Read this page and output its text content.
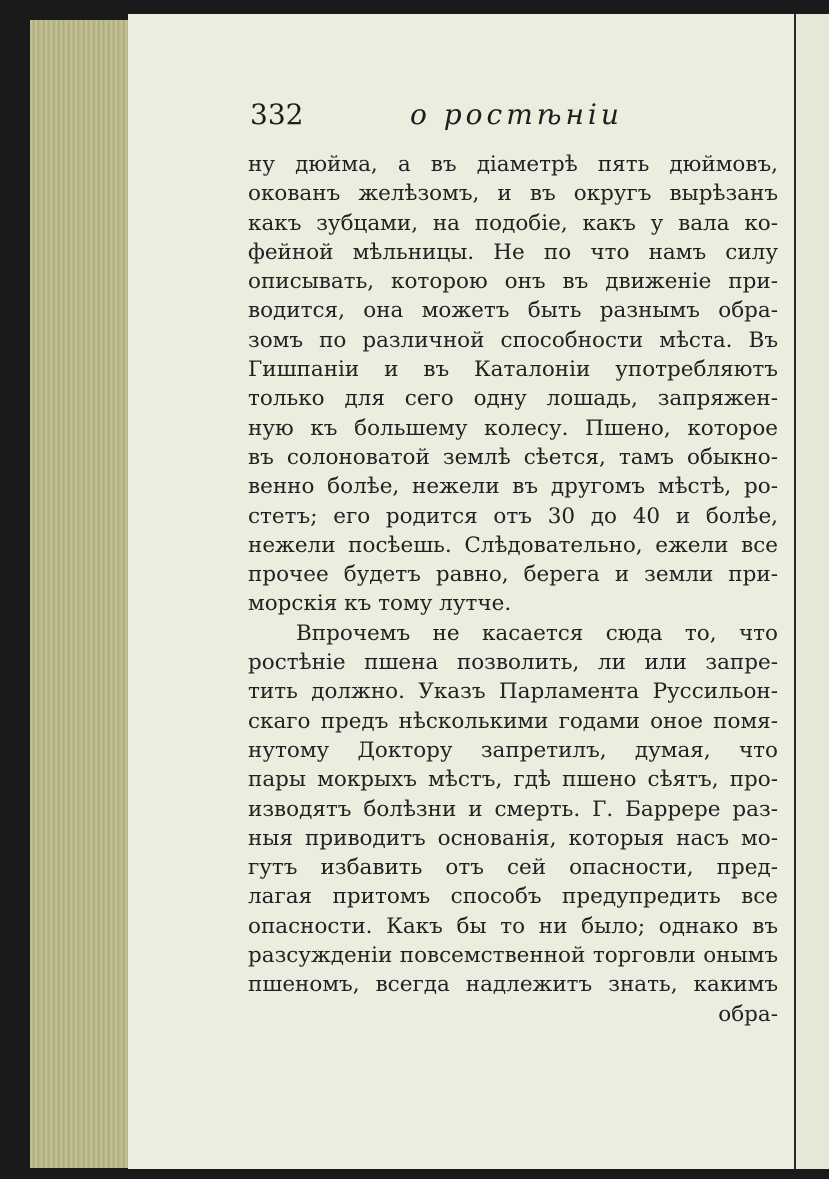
332	о ростѣніи
ну дюйма, а въ діаметрѣ пять дюймовъ,
окованъ желѣзомъ, и въ округъ вырѣзанъ
какъ зубцами, на подобіе, какъ у вала ко-
фейной мѣльницы. Не по что намъ силу
описывать, которою онъ въ движеніе при-
водится, она можетъ быть разнымъ обра-
зомъ по различной способности мѣста. Въ
Гишпаніи и въ Каталоніи употребляютъ
только для сего одну лошадь, запряжен-
ную къ большему колесу. Пшено, которое
въ солоноватой землѣ сѣется, тамъ обыкно-
венно болѣе, нежели въ другомъ мѣстѣ, ро-
стетъ; его родится отъ 30 до 40 и болѣе,
нежели посѣешь. Слѣдовательно, ежели все
прочее будетъ равно, берега и земли при-
морскія къ тому лутче.
Впрочемъ не касается сюда то, что
ростѣніе пшена позволить, ли или запре-
тить должно. Указъ Парламента Руссильон-
скаго предъ нѣсколькими годами оное помя-
нутому Доктору запретилъ, думая, что
пары мокрыхъ мѣстъ, гдѣ пшено сѣятъ, про-
изводятъ болѣзни и смерть. Г. Баррере раз-
ныя приводитъ основанія, которыя насъ мо-
гутъ избавить отъ сей опасности, пред-
лагая притомъ способъ предупредить все
опасности. Какъ бы то ни было; однако въ
разсужденіи повсемственной торговли онымъ
пшеномъ, всегда надлежитъ знать, какимъ
обра-
